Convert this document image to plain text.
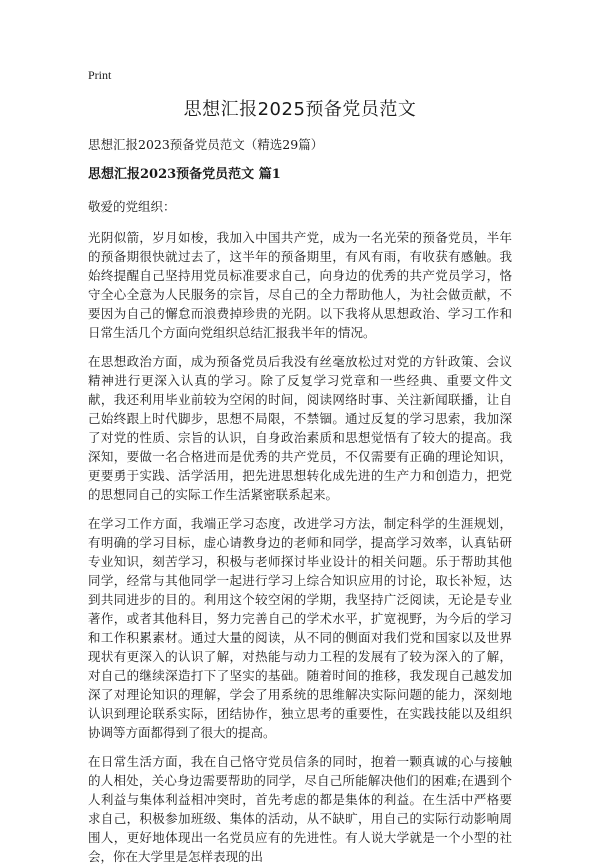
Print
思想汇报2025预备党员范文
思想汇报2023预备党员范文（精选29篇）
思想汇报2023预备党员范文 篇1
敬爱的党组织：

光阴似箭，岁月如梭，我加入中国共产党，成为一名光荣的预备党员，半年的预备期很快就过去了，这半年的预备期里，有风有雨，有收获有感触。我始终提醒自己坚持用党员标准要求自己，向身边的优秀的共产党员学习，恪守全心全意为人民服务的宗旨，尽自己的全力帮助他人，为社会做贡献，不要因为自己的懈怠而浪费掉珍贵的光阴。以下我将从思想政治、学习工作和日常生活几个方面向党组织总结汇报我半年的情况。

在思想政治方面，成为预备党员后我没有丝毫放松过对党的方针政策、会议精神进行更深入认真的学习。除了反复学习党章和一些经典、重要文件文献，我还利用毕业前较为空闲的时间，阅读网络时事、关注新闻联播，让自己始终跟上时代脚步，思想不局限，不禁锢。通过反复的学习思索，我加深了对党的性质、宗旨的认识，自身政治素质和思想觉悟有了较大的提高。我深知，要做一名合格进而是优秀的共产党员，不仅需要有正确的理论知识，更要勇于实践、活学活用，把先进思想转化成先进的生产力和创造力，把党的思想同自己的实际工作生活紧密联系起来。

在学习工作方面，我端正学习态度，改进学习方法，制定科学的生涯规划，有明确的学习目标，虚心请教身边的老师和同学，提高学习效率，认真钻研专业知识，刻苦学习，积极与老师探讨毕业设计的相关问题。乐于帮助其他同学，经常与其他同学一起进行学习上综合知识应用的讨论，取长补短，达到共同进步的目的。利用这个较空闲的学期，我坚持广泛阅读，无论是专业著作，或者其他科目，努力完善自己的学术水平，扩宽视野，为今后的学习和工作积累素材。通过大量的阅读，从不同的侧面对我们党和国家以及世界现状有更深入的认识了解，对热能与动力工程的发展有了较为深入的了解，对自己的继续深造打下了坚实的基础。随着时间的推移，我发现自己越发加深了对理论知识的理解，学会了用系统的思维解决实际问题的能力，深刻地认识到理论联系实际，团结协作，独立思考的重要性，在实践技能以及组织协调等方面都得到了很大的提高。

在日常生活方面，我在自己恪守党员信条的同时，抱着一颗真诚的心与接触的人相处，关心身边需要帮助的同学，尽自己所能解决他们的困难;在遇到个人利益与集体利益相冲突时，首先考虑的都是集体的利益。在生活中严格要求自己，积极参加班级、集体的活动，从不缺旷，用自己的实际行动影响周围人，更好地体现出一名党员应有的先进性。有人说大学就是一个小型的社会，你在大学里是怎样表现的出
